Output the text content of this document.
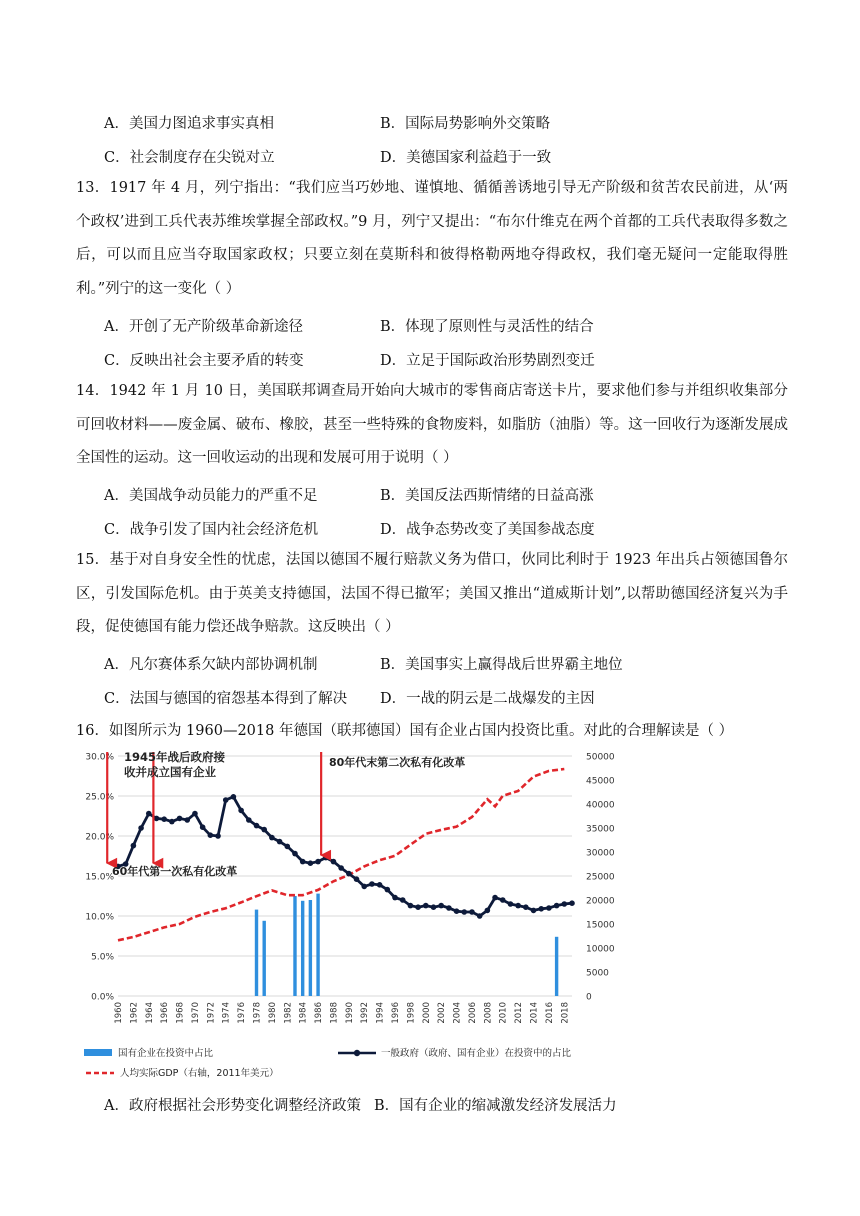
A．美国力图追求事实真相	B．国际局势影响外交策略
C．社会制度存在尖锐对立	D．美德国家利益趋于一致
13．1917 年 4 月，列宁指出：“我们应当巧妙地、谨慎地、循循善诱地引导无产阶级和贫苦农民前进，从‘两个政权’进到工兵代表苏维埃掌握全部政权。”9 月，列宁又提出：“布尔什维克在两个首都的工兵代表取得多数之后，可以而且应当夺取国家政权；只要立刻在莫斯科和彼得格勒两地夺得政权，我们毫无疑问一定能取得胜利。”列宁的这一变化（ ）
A．开创了无产阶级革命新途径	B．体现了原则性与灵活性的结合
C．反映出社会主要矛盾的转变	D．立足于国际政治形势剧烈变迁
14．1942 年 1 月 10 日，美国联邦调查局开始向大城市的零售商店寄送卡片，要求他们参与并组织收集部分可回收材料——废金属、破布、橡胶，甚至一些特殊的食物废料，如脂肪（油脂）等。这一回收行为逐渐发展成全国性的运动。这一回收运动的出现和发展可用于说明（ ）
A．美国战争动员能力的严重不足	B．美国反法西斯情绪的日益高涨
C．战争引发了国内社会经济危机	D．战争态势改变了美国参战态度
15．基于对自身安全性的忧虑，法国以德国不履行赔款义务为借口，伙同比利时于 1923 年出兵占领德国鲁尔区，引发国际危机。由于英美支持德国，法国不得已撤军；美国又推出“道威斯计划”,以帮助德国经济复兴为手段，促使德国有能力偿还战争赔款。这反映出（ ）
A．凡尔赛体系欠缺内部协调机制	B．美国事实上赢得战后世界霸主地位
C．法国与德国的宿怨基本得到了解决 D．一战的阴云是二战爆发的主因
16．如图所示为 1960—2018 年德国（联邦德国）国有企业占国内投资比重。对此的合理解读是（ ）
0.0%
5.0%
10.0%
15.0%
20.0%
25.0%
30.0%
0
5000
10000
15000
20000
25000
30000
35000
40000
45000
50000
1960 1962 1964 1966 1968 1970 1972 1974 1976 1978 1980 1982 1984 1986 1988 1990 1992 1994 1996 1998 2000 2002 2004 2006 2008 2010 2012 2014 2016 2018
1945年战后政府接
收并成立国有企业
60年代第一次私有化改革
80年代末第二次私有化改革
国有企业在投资中占比	一般政府（政府、国有企业）在投资中的占比
人均实际GDP（右轴，2011年美元）
A．政府根据社会形势变化调整经济政策 B．国有企业的缩减激发经济发展活力
